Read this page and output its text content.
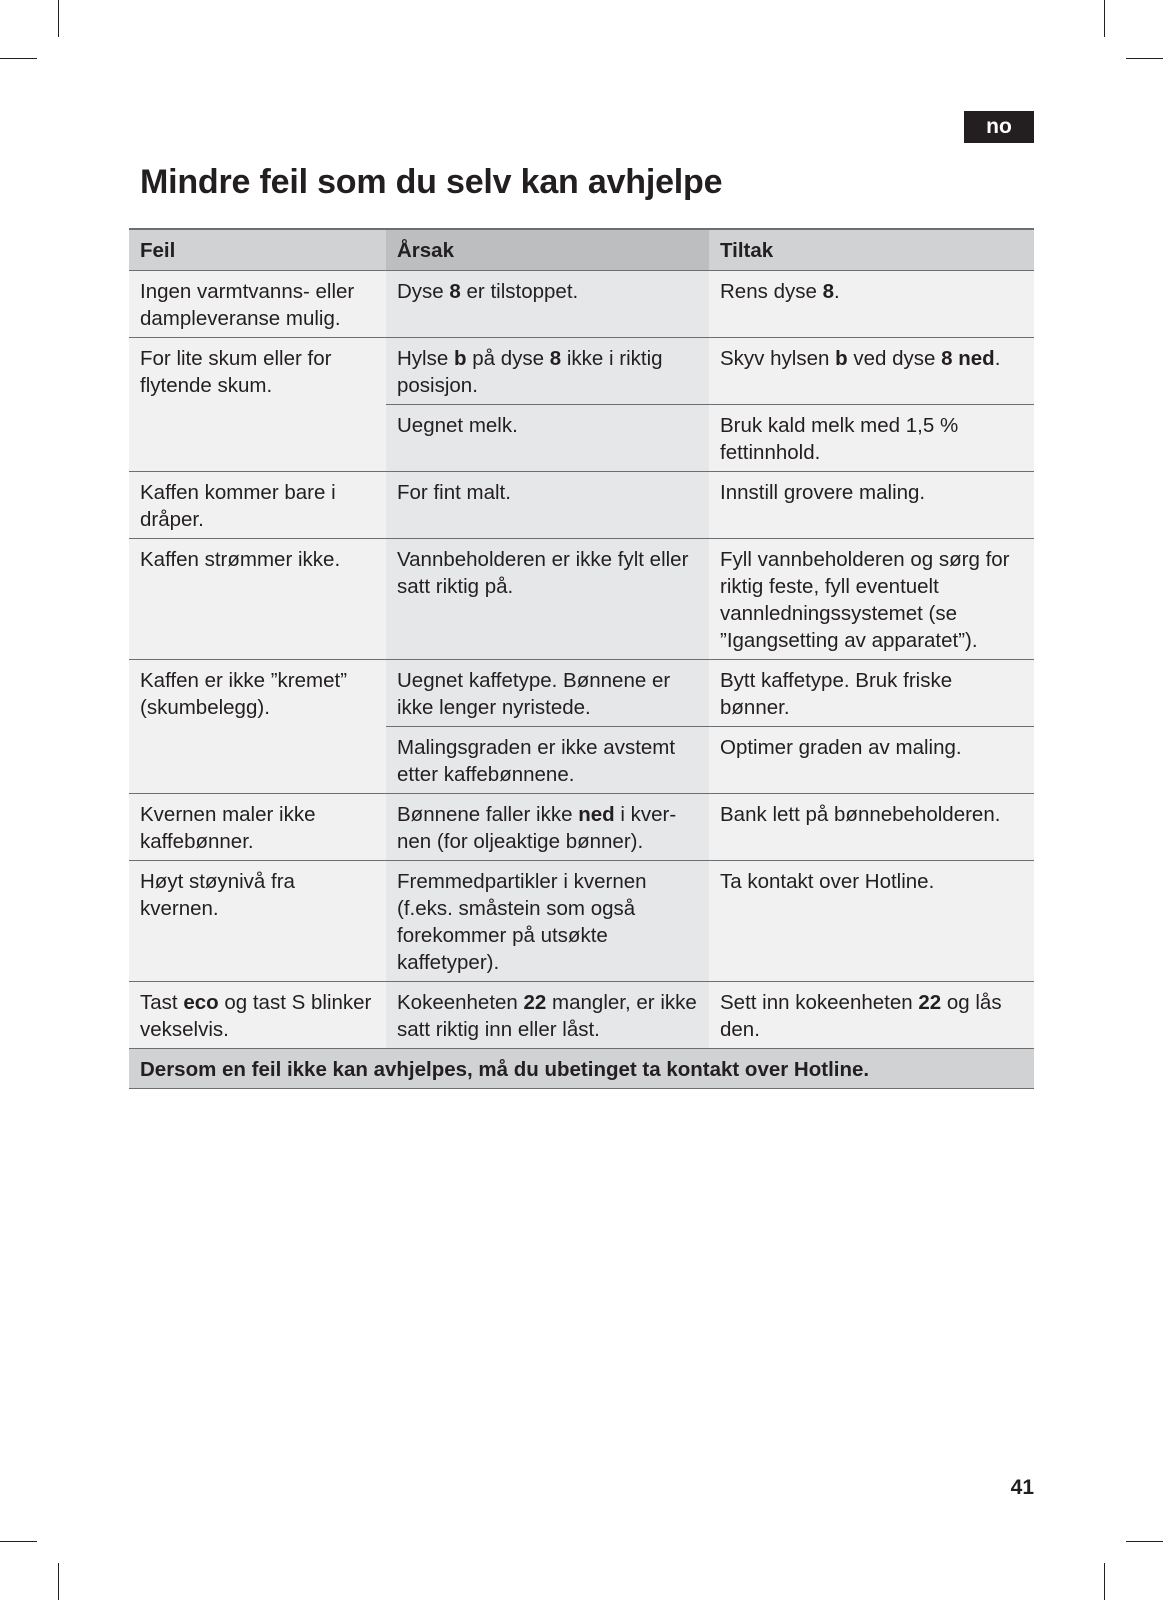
no
Mindre feil som du selv kan avhjelpe
Feil	Årsak	Tiltak
Ingen varmtvanns- eller dampleveranse mulig.	Dyse 8 er tilstoppet.	Rens dyse 8.
For lite skum eller for flytende skum.	Hylse b på dyse 8 ikke i riktig posisjon.	Skyv hylsen b ved dyse 8 ned.
	Uegnet melk.	Bruk kald melk med 1,5 % fettinnhold.
Kaffen kommer bare i dråper.	For fint malt.	Innstill grovere maling.
Kaffen strømmer ikke.	Vannbeholderen er ikke fylt eller satt riktig på.	Fyll vannbeholderen og sørg for riktig feste, fyll eventuelt vannledningssystemet (se ”Igangsetting av apparatet”).
Kaffen er ikke ”kremet” (skumbelegg).	Uegnet kaffetype. Bønnene er ikke lenger nyristede.	Bytt kaffetype. Bruk friske bønner.
	Malingsgraden er ikke avstemt etter kaffebønnene.	Optimer graden av maling.
Kvernen maler ikke kaffebønner.	Bønnene faller ikke ned i kver-nen (for oljeaktige bønner).	Bank lett på bønnebeholderen.
Høyt støynivå fra kvernen.	Fremmedpartikler i kvernen (f.eks. småstein som også forekommer på utsøkte kaffetyper).	Ta kontakt over Hotline.
Tast eco og tast S blinker vekselvis.	Kokeenheten 22 mangler, er ikke satt riktig inn eller låst.	Sett inn kokeenheten 22 og lås den.
Dersom en feil ikke kan avhjelpes, må du ubetinget ta kontakt over Hotline.		
41
